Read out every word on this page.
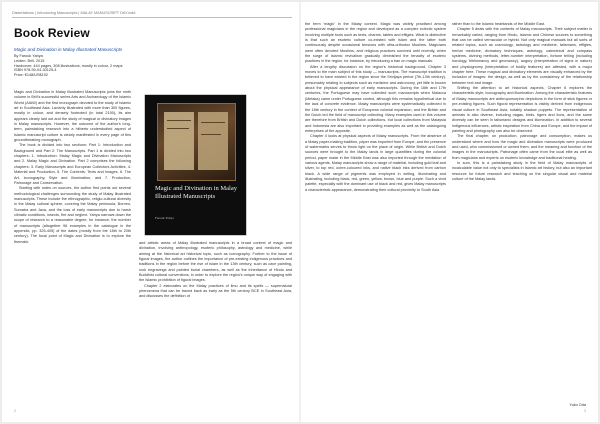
Dissertations | Introducing Manuscripts | MALAY MANUSCRIPT DAY.indd
Book Review
Magic and Divination in Malay Illustrated Manuscripts
By Farouk Yahya
Leiden: Brill, 2015
Hardcover, 444 pages, 308 illustrations, mostly in colour, 2 maps
ISBN 978-90-04-30125-4
Price: €148/US$192

Magic and Divination in Malay Illustrated Manuscripts joins the ninth volume in Brill's successful series Arts and Archaeology of the Islamic World (AIAW) and the first monograph devoted to the study of Islamic art in Southeast Asia. Lavishly illustrated with more than 300 figures, mostly in colour, and densely footnoted (in total 2150), its aim appears clearly laid out and the study of magical or divinatory images in Malay manuscripts. However, the outcome of the author's long-term, painstaking research into a hitherto understudied aspect of Islamic manuscript culture is clearly manifested in every page of this groundbreaking monograph.

The book is divided into two sections: Part 1: Introduction and Background and Part 2: The Manuscripts. Part 1 is divided into two chapters: 1. Introduction: Malay Magic and Divination Manuscripts and 2. Malay Magic and Divination. Part 2 comprises the following chapters: 3. Early Manuscripts and European Collectors Activities, 4. Material and Production, 5. The Contents: Texts and Images, 6. The Art, Iconography, Style and Illumination, and 7. Production, Patronage and Conservation.

Starting with notes on sources, the author first points out several methodological challenges surrounding the study of Malay illustrated manuscripts. These include the ethnographic, religio-cultural diversity in the Malay cultural sphere, covering the Malay peninsula, Borneo, Sumatra and Java, and the loss of early manuscripts due to harsh climatic conditions, insects, fire and neglect. Yahya narrows down the scope of research to a reasonable degree, for instance, the number of manuscripts (altogether 96 examples in the catalogue in the appendix, pp. 325-405) of the dates (mostly from the 18th to 20th century). The focal point of Magic and Divination is to explore the thematic

Magic and Divination in Malay Illustrated Manuscripts
Farouk Yahya

and artistic areas of Malay illustrated manuscripts in a broad context of magic and divination, involving anthropology, esoteric philosophy, astrology and medicine, while aiming at the historical art historical topic, such as iconography. Further to the issue of figural images, the author outlines the importance of pre-existing indigenous practices and traditions in the region before the rise of Islam in the 13th century, such as cave painting, rock engravings and painted burial chambers, as well as the inheritance of Hindu and Buddhist cultural conventions, in order to explore the region's unique way of engaging with the Islamic prohibition of figural images.

Chapter 2 elaborates on the Malay practices of ilmu and its spells — supernatural phenomena that can be traced back as early as the 5th century BCE in Southeast Asia, and discusses the definition of

the term 'magic' in the Malay context. Magic was widely practised among professional magicians in the region and developed as a complex eclectic system involving multiple tools such as texts, charms, tables and effigies. What is distinctive is that such an esoteric culture co-existed with Islam and the latter both continuously despite occasional tensions with ultra-orthodox Muslims. Magicians were often devoted Muslims, and religious practices survived until recently, when the surge of Islamic revivalism gradually diminished the tenacity of esoteric practices in the region, for instance, by introducing a ban on magic manuals.

After a lengthy discussion on the region's historical background, Chapter 3 moves to the main subject of this study — manuscripts. The manuscript tradition is believed to have existed in the region since the Srivijaya period (7th-13th century), presumably relating to subjects such as medicine and astronomy, yet little is known about the physical appearance of early manuscripts. During the 16th and 17th centuries, the Portuguese may have collected such manuscripts when Malacca (Melaka) came under Portuguese control, although this remains hypothetical due to the lack of concrete evidence. Malay manuscripts were systematically collected in the 18th century in the context of European colonial expansion, and the British and the Dutch led the field of manuscript collecting. Many examples used in this volume are therefore from British and Dutch collections, but local collections from Malaysia and Indonesia are also important in providing examples as well as the cataloguing enterprises of the apposite.

Chapter 4 looks at physical aspects of Malay manuscripts. From the absence of a Malay paper-making tradition, paper was imported from Europe, and the presence of watermarks serves to throw light on the place of origin. While British and Dutch sources were brought to the Malay lands in large quantities during the colonial period, paper made in the Middle East was also imported through the mediation of various agents. Malay manuscripts show a range of material, including gold leaf and silver, to top red, ochre-coloured inks, and native black inks derived from carbon black. A wide range of pigments was employed in writing, illuminating and illustrating, including black, red, green, yellow, brown, blue and purple. Such a vivid palette, especially with the dominant use of black and red, gives Malay manuscripts a characteristic appearance, demonstrating their cultural proximity to South Asia

rather than to the Islamic heartlands of the Middle East.

Chapter 5 deals with the contents of Malay manuscripts. Their subject matter is remarkably varied, ranging from Hindu, Islamic and Chinese sources to something that can be called vernacular or hybrid. Not only magical manuals but all sorts of related topics, such as cosmology, astrology and medicine, talismans, effigies, herbal medicine, divinatory techniques, astrology, calendrical and compass systems, divining methods, letter-number interpretation, fortune telling (including horology, bibliomancy and geomancy), augury (interpretation of signs in nature) and physiognomy (interpretation of bodily features) are attested, with a major chapter here. These magical and divinatory elements are visually enhanced by the inclusion of images: the design, as well as by the consistency of the relationship between text and image.

Shifting the attention to art historical aspects, Chapter 6 explores the characteristic style, iconography and illumination. Among the characteristic features of Malay manuscripts are anthropomorphic depictions in the form of stick figures or pre-existing figures. Such figural representation is visibly derived from indigenous visual culture in Southeast Asia, notably shadow puppets. The representation of animals is also diverse, including nagas, birds, tigers and lions, and the same diversity can be seen in talismanic designs and illumination. In addition to several indigenous influences, artistic inspiration from China and Europe, and the impact of painting and photography can also be observed.

The final chapter, on production, patronage and consumption, makes us understand where and how the magic and divination manuscripts were produced and used, who commissioned or owned them, and the meaning and function of the images in the manuscripts. Patronage often came from the local elite as well as from magicians and experts on esoteric knowledge and traditional healing.

In sum, this is a painstaking study in the field of Malay manuscripts of incalculable value not only to specialists in Islamic art history, but also an important resource for future research and teaching on the singular visual and material culture of the Malay lands.

Yuko Oda
2	3
